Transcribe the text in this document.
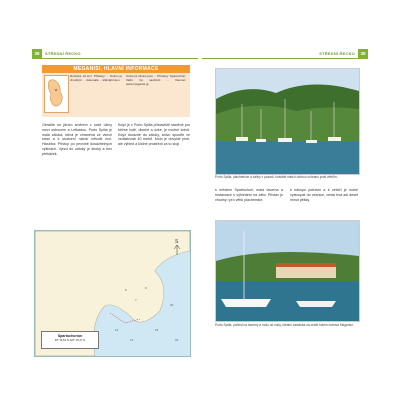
38	STŘEDNÍ ŘECKO
MEGANISI, HLAVNÍ INFORMACE
Rozloha: 22 km². Přístavy: ... Ostrov je vhodným ... dokonalé ... klidnější den.
Ostrovní silnice jsou ... Přístavy: Spartochori, Vathi. Co navštívit: ... Internet: www.meganisi.gr
Obrátíte se jižním směrem z úzké úžiny mezi ostrovem a Lefkádou. Porto Spilia je malá zátoka, která je chráněná ze všech stran a k ukotvení nabízí několik mol. Hloubka: Přístup po pevnině dosažitelných výšinách. Vjezd do zátoky je široký a bez překážek.
Když je v Porto Spilia přístaviště stavěné pro běžné lodě, dlouhé a úzké, je možné kotvit. Když dorazíte do zátoky, kotvu spusťte ve vzdálenosti 40 metrů. Molo je obvykle plné, ale výhled a klidné prostředí za to stojí.
5
7
9
12	15
20
14	22
S
Spartochorion
38° 39,53' N 020° 45,47' E
STŘEDNÍ ŘECKO	39
Porto Spilia, plachetnice a zálivy v pozadí, kotviště nabízí dobrou ochranu proti větrům.
s městem Spartochori, malá taverna a restaurace s výhledem na záliv. Přístav je vhodný i pro větší plachetnice.
k nákupu potravin a k večeři je nutné vystoupat do vesnice, cesta trvá asi deset minut pěšky.
Porto Spilia, pohled na taverny a molo od vody, ideální zastávka na cestě kolem ostrova Meganisi.
